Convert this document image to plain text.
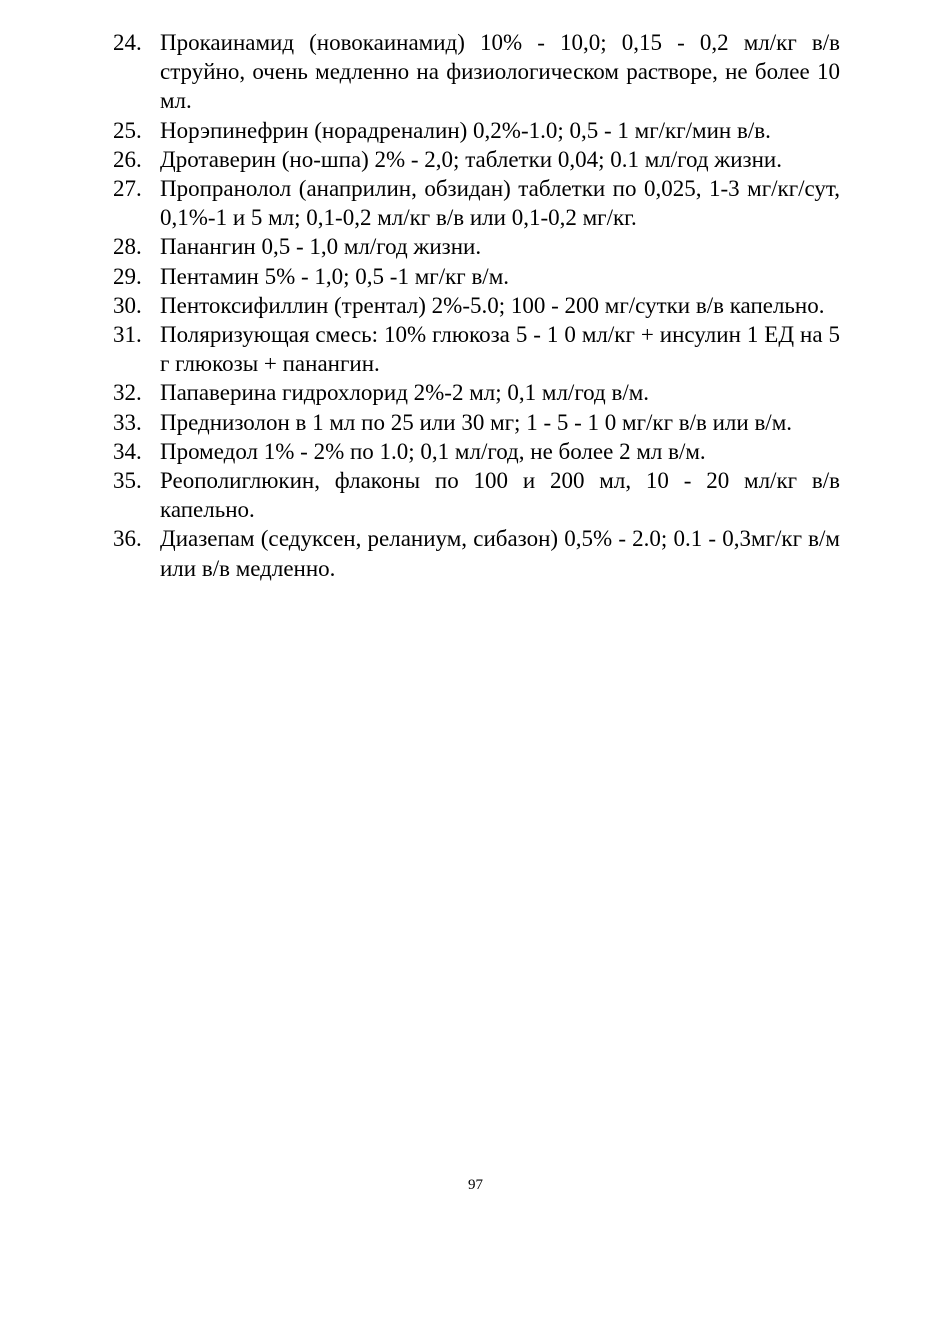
24. Прокаинамид (новокаинамид) 10% - 10,0; 0,15 - 0,2 мл/кг в/в струйно, очень медленно на физиологическом растворе, не более 10 мл.
25. Норэпинефрин (норадреналин) 0,2%-1.0; 0,5 - 1 мг/кг/мин в/в.
26. Дротаверин (но-шпа) 2% - 2,0; таблетки 0,04; 0.1 мл/год жизни.
27. Пропранолол (анаприлин, обзидан) таблетки по 0,025, 1-3 мг/кг/сут, 0,1%-1 и 5 мл; 0,1-0,2 мл/кг в/в или 0,1-0,2 мг/кг.
28. Панангин 0,5 - 1,0 мл/год жизни.
29. Пентамин 5% - 1,0; 0,5 -1 мг/кг в/м.
30. Пентоксифиллин (трентал) 2%-5.0; 100 - 200 мг/сутки в/в капельно.
31. Поляризующая смесь: 10% глюкоза 5 - 1 0 мл/кг + инсулин 1 ЕД на 5 г глюкозы + панангин.
32. Папаверина гидрохлорид 2%-2 мл; 0,1 мл/год в/м.
33. Преднизолон в 1 мл по 25 или 30 мг; 1 - 5 - 1 0 мг/кг в/в или в/м.
34. Промедол 1% - 2% по 1.0; 0,1 мл/год, не более 2 мл в/м.
35. Реополиглюкин, флаконы по 100 и 200 мл, 10 - 20 мл/кг в/в капельно.
36. Диазепам (седуксен, реланиум, сибазон) 0,5% - 2.0; 0.1 - 0,3мг/кг в/м или в/в медленно.
97
